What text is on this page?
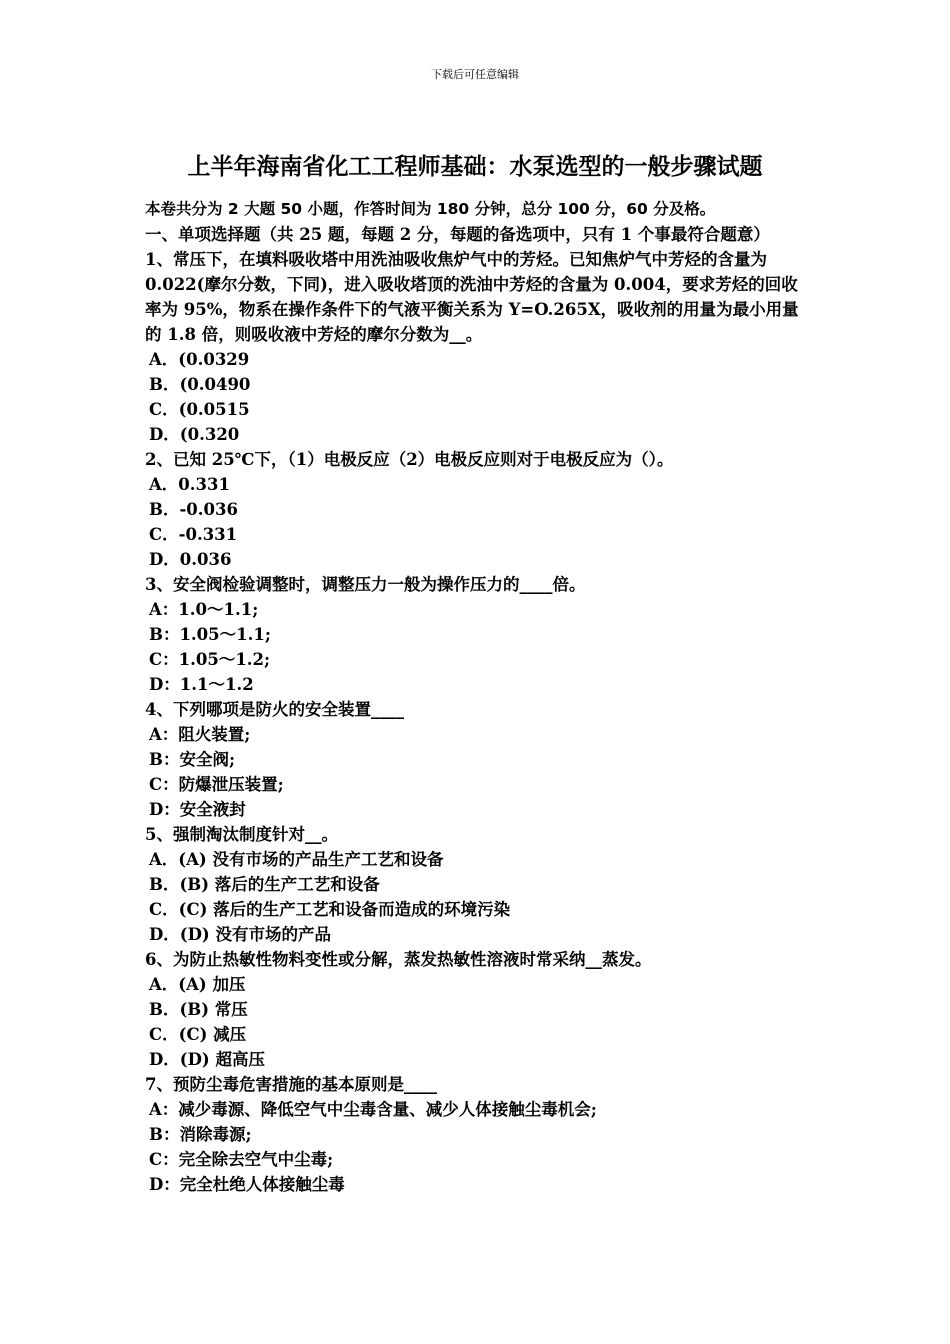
下载后可任意编辑
上半年海南省化工工程师基础：水泵选型的一般步骤试题

本卷共分为 2 大题 50 小题，作答时间为 180 分钟，总分 100 分，60 分及格。

一、单项选择题（共 25 题，每题 2 分，每题的备选项中，只有 1 个事最符合题意）

1、常压下，在填料吸收塔中用洗油吸收焦炉气中的芳烃。已知焦炉气中芳烃的含量为 0.022(摩尔分数，下同)，进入吸收塔顶的洗油中芳烃的含量为 0.004，要求芳烃的回收率为 95%，物系在操作条件下的气液平衡关系为 Y=O.265X，吸收剂的用量为最小用量的 1.8 倍，则吸收液中芳烃的摩尔分数为__。

A．(0.0329

B．(0.0490

C．(0.0515

D．(0.320

2、已知 25℃下，（1）电极反应（2）电极反应则对于电极反应为（）。

A．0.331

B．-0.036

C．-0.331

D．0.036

3、安全阀检验调整时，调整压力一般为操作压力的____倍。

A：1.0～1.1;

B：1.05～1.1;

C：1.05～1.2;

D：1.1～1.2

4、下列哪项是防火的安全装置____

A：阻火装置;

B：安全阀;

C：防爆泄压装置;

D：安全液封

5、强制淘汰制度针对__。

A．(A) 没有市场的产品生产工艺和设备

B．(B) 落后的生产工艺和设备

C．(C) 落后的生产工艺和设备而造成的环境污染

D．(D) 没有市场的产品

6、为防止热敏性物料变性或分解，蒸发热敏性溶液时常采纳__蒸发。

A．(A) 加压

B．(B) 常压

C．(C) 减压

D．(D) 超高压

7、预防尘毒危害措施的基本原则是____

A：减少毒源、降低空气中尘毒含量、减少人体接触尘毒机会;

B：消除毒源;

C：完全除去空气中尘毒;

D：完全杜绝人体接触尘毒
